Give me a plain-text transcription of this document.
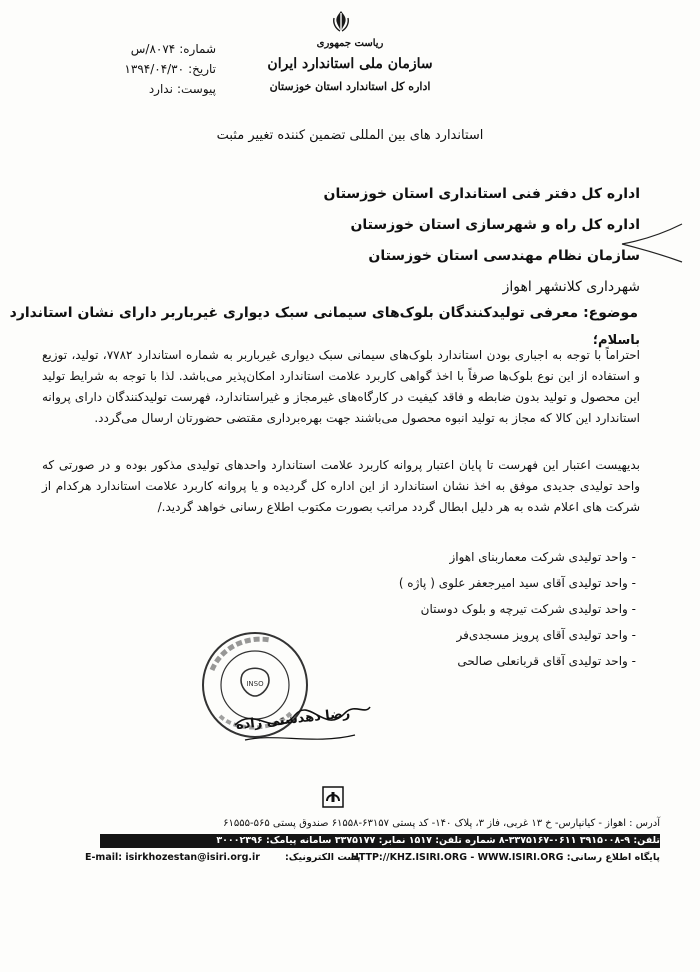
ریاست جمهوری
سازمان ملی استاندارد ایران
اداره کل استاندارد استان خوزستان
شماره:۸۰۷۴/س
تاریخ:۱۳۹۴/۰۴/۳۰
پیوست:ندارد
استاندارد های بین المللی تضمین کننده تغییر مثبت
اداره کل دفتر فنی استانداری استان خوزستان
اداره کل راه و شهرسازی استان خوزستان
سازمان نظام مهندسی استان خوزستان
شهرداری کلانشهر اهواز
موضوع: معرفی تولیدکنندگان بلوک‌های سیمانی سبک دیواری غیرباربر دارای نشان استاندارد
باسلام؛
احتراماً با توجه به اجباری بودن استاندارد بلوک‌های سیمانی سبک دیواری غیرباربر به شماره استاندارد ۷۷۸۲، تولید، توزیع و استفاده از این نوع بلوک‌ها صرفاً با اخذ گواهی کاربرد علامت استاندارد امکان‌پذیر می‌باشد. لذا با توجه به شرایط تولید این محصول و تولید بدون ضابطه و فاقد کیفیت در کارگاه‌های غیرمجاز و غیراستاندارد، فهرست تولیدکنندگان دارای پروانه استاندارد این کالا که مجاز به تولید انبوه محصول می‌باشند جهت بهره‌برداری مقتضی حضورتان ارسال می‌گردد.
بدیهیست اعتبار این فهرست تا پایان اعتبار پروانه کاربرد علامت استاندارد واحدهای تولیدی مذکور بوده و در صورتی که واحد تولیدی جدیدی موفق به اخذ نشان استاندارد از این اداره کل گردیده و یا پروانه کاربرد علامت استاندارد هرکدام از شرکت های اعلام شده به هر دلیل ابطال گردد مراتب بصورت مکتوب اطلاع رسانی خواهد گردید./
- واحد تولیدی شرکت معماربنای اهواز
- واحد تولیدی آقای سید امیرجعفر علوی ( پاژه )
- واحد تولیدی شرکت تیرچه و بلوک دوستان
- واحد تولیدی آقای پرویز مسجدی‌فر
- واحد تولیدی آقای قربانعلی صالحی
INSO
رضا دهدشتی زاده
آدرس : اهواز - کیانپارس- خ ۱۳ غربی، فاز ۳، پلاک ۱۴۰- کد پستی ۶۳۱۵۷-۶۱۵۵۸ صندوق پستی ۵۶۵-۶۱۵۵۵
تلفن: ۹-۳۹۱۵۰۰۸ ۰۶۱۱-۳۳۷۵۱۶۷-۸ شماره تلفن: ۱۵۱۷ نمابر: ۳۳۷۵۱۷۷ سامانه پیامک: ۳۰۰۰۲۳۹۶
E-mail: isirkhozestan@isiri.org.ir	پست الکترونیک:	پایگاه اطلاع رسانی: HTTP://KHZ.ISIRI.ORG - WWW.ISIRI.ORG
